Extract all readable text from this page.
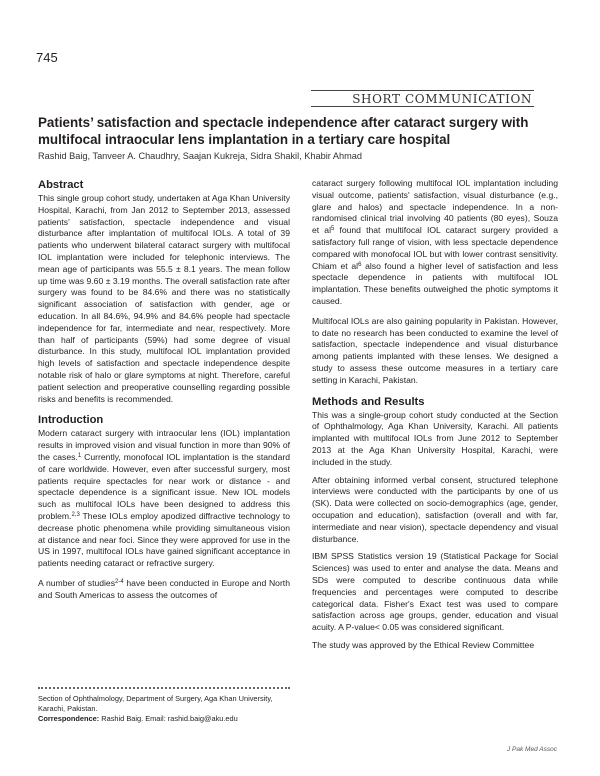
745
SHORT COMMUNICATION
Patients’ satisfaction and spectacle independence after cataract surgery with multifocal intraocular lens implantation in a tertiary care hospital
Rashid Baig, Tanveer A. Chaudhry, Saajan Kukreja, Sidra Shakil, Khabir Ahmad
Abstract

This single group cohort study, undertaken at Aga Khan University Hospital, Karachi, from Jan 2012 to September 2013, assessed patients' satisfaction, spectacle independence and visual disturbance after implantation of multifocal IOLs. A total of 39 patients who underwent bilateral cataract surgery with multifocal IOL implantation were included for telephonic interviews. The mean age of participants was 55.5 ± 8.1 years. The mean follow up time was 9.60 ± 3.19 months. The overall satisfaction rate after surgery was found to be 84.6% and there was no statistically significant association of satisfaction with gender, age or education. In all 84.6%, 94.9% and 84.6% people had spectacle independence for far, intermediate and near, respectively. More than half of participants (59%) had some degree of visual disturbance. In this study, multifocal IOL implantation provided high levels of satisfaction and spectacle independence despite notable risk of halo or glare symptoms at night. Therefore, careful patient selection and preoperative counselling regarding possible risks and benefits is recommended.

Introduction

Modern cataract surgery with intraocular lens (IOL) implantation results in improved vision and visual function in more than 90% of the cases.$^1$ Currently, monofocal IOL implantation is the standard of care worldwide. However, even after successful surgery, most patients require spectacles for near work or distance - and spectacle dependence is a significant issue. New IOL models such as multifocal IOLs have been designed to address this problem.$^{2,3}$ These IOLs employ apodized diffractive technology to decrease photic phenomena while providing simultaneous vision at distance and near foci. Since they were approved for use in the US in 1997, multifocal IOLs have gained significant acceptance in patients needing cataract or refractive surgery.

A number of studies$^{2-4}$ have been conducted in Europe and North and South Americas to assess the outcomes of

Section of Ophthalmology, Department of Surgery, Aga Khan University, Karachi, Pakistan.
Correspondence: Rashid Baig. Email: rashid.baig@aku.edu

cataract surgery following multifocal IOL implantation including visual outcome, patients' satisfaction, visual disturbance (e.g., glare and halos) and spectacle independence. In a non-randomised clinical trial involving 40 patients (80 eyes), Souza et $al^5$ found that multifocal IOL cataract surgery provided a satisfactory full range of vision, with less spectacle dependence compared with monofocal IOL but with lower contrast sensitivity. Chiam et $al^6$ also found a higher level of satisfaction and less spectacle dependence in patients with multifocal IOL implantation. These benefits outweighed the photic symptoms it caused.

Multifocal IOLs are also gaining popularity in Pakistan. However, to date no research has been conducted to examine the level of satisfaction, spectacle independence and visual disturbance among patients implanted with these lenses. We designed a study to assess these outcome measures in a tertiary care setting in Karachi, Pakistan.

Methods and Results

This was a single-group cohort study conducted at the Section of Ophthalmology, Aga Khan University, Karachi. All patients implanted with multifocal IOLs from June 2012 to September 2013 at the Aga Khan University Hospital, Karachi, were included in the study.

After obtaining informed verbal consent, structured telephone interviews were conducted with the participants by one of us (SK). Data were collected on socio-demographics (age, gender, occupation and education), satisfaction (overall and with far, intermediate and near vision), spectacle dependency and visual disturbance.

IBM SPSS Statistics version 19 (Statistical Package for Social Sciences) was used to enter and analyse the data. Means and SDs were computed to describe continuous data while frequencies and percentages were computed to describe categorical data. Fisher's Exact test was used to compare satisfaction across age groups, gender, education and visual acuity. A P-value< 0.05 was considered significant.

The study was approved by the Ethical Review Committee

J Pak Med Assoc
